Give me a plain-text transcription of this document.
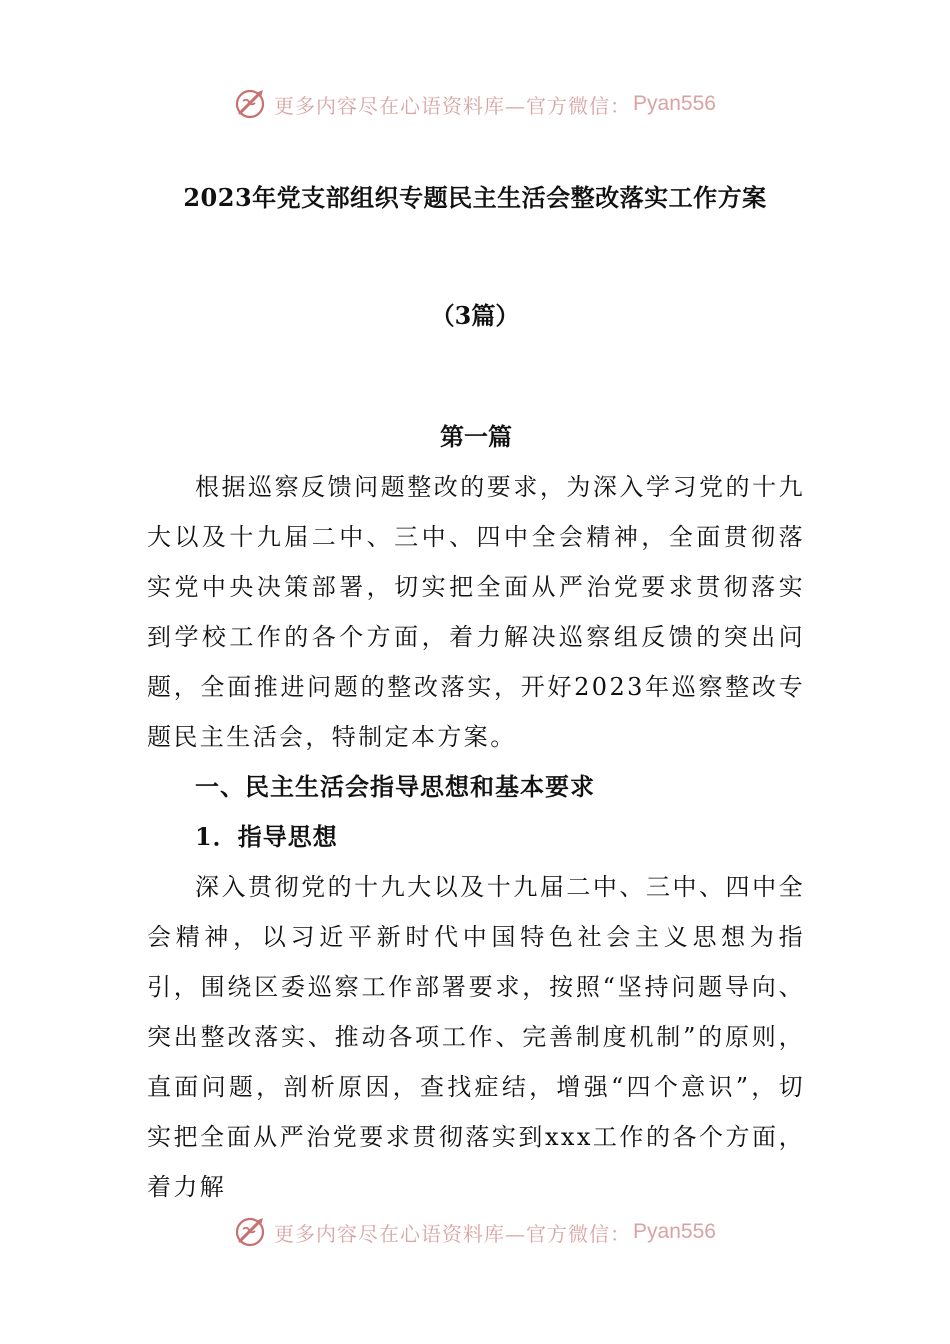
更多内容尽在心语资料库—官方微信： Pyan556
2023年党支部组织专题民主生活会整改落实工作方案
（3篇）

第一篇

根据巡察反馈问题整改的要求，为深入学习党的十九大以及十九届二中、三中、四中全会精神，全面贯彻落实党中央决策部署，切实把全面从严治党要求贯彻落实到学校工作的各个方面，着力解决巡察组反馈的突出问题，全面推进问题的整改落实，开好2023年巡察整改专题民主生活会，特制定本方案。

一、民主生活会指导思想和基本要求

1．指导思想

深入贯彻党的十九大以及十九届二中、三中、四中全会精神，以习近平新时代中国特色社会主义思想为指引，围绕区委巡察工作部署要求，按照“坚持问题导向、突出整改落实、推动各项工作、完善制度机制”的原则，直面问题，剖析原因，查找症结，增强“四个意识”，切实把全面从严治党要求贯彻落实到xxx工作的各个方面，着力解

更多内容尽在心语资料库—官方微信： Pyan556
